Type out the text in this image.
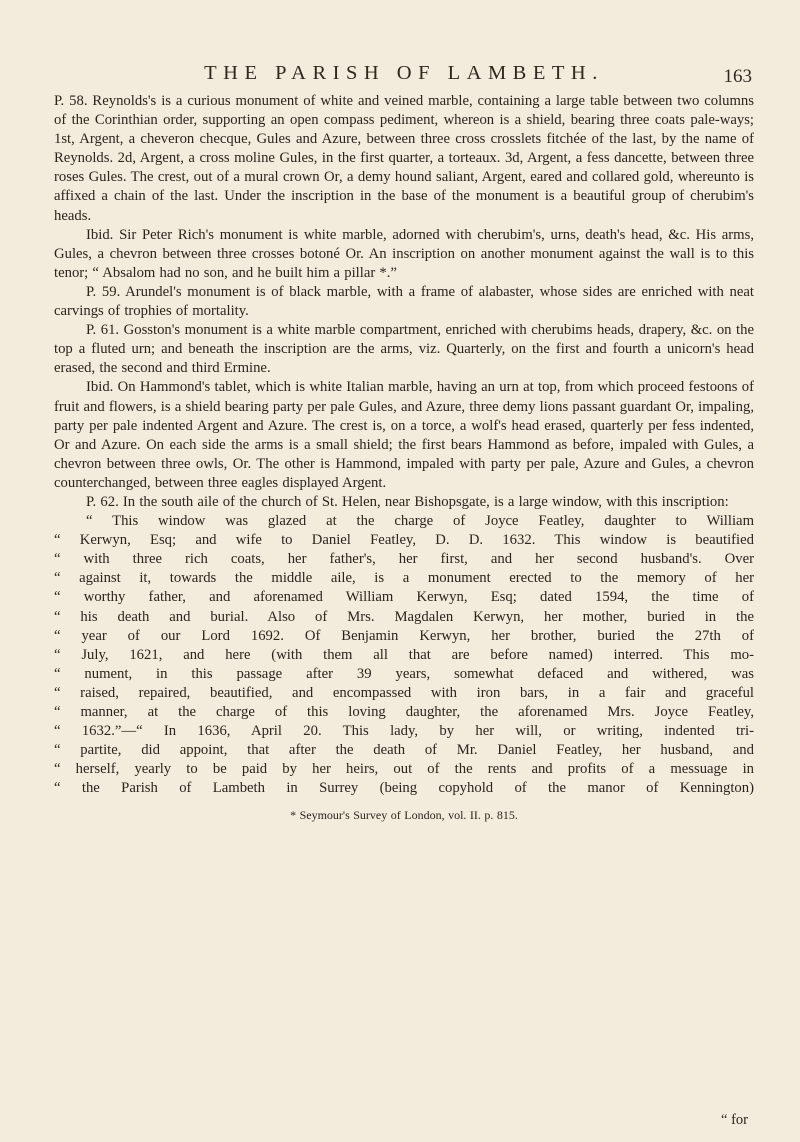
THE PARISH OF LAMBETH.	163

P. 58. Reynolds's is a curious monument of white and veined marble, containing a large table between two columns of the Corinthian order, supporting an open compass pediment, whereon is a shield, bearing three coats pale-ways; 1st, Argent, a cheveron checque, Gules and Azure, between three cross crosslets fitchée of the last, by the name of Reynolds. 2d, Argent, a cross moline Gules, in the first quarter, a torteaux. 3d, Argent, a fess dancette, between three roses Gules. The crest, out of a mural crown Or, a demy hound saliant, Argent, eared and collared gold, whereunto is affixed a chain of the last. Under the inscription in the base of the monument is a beautiful group of cherubim's heads.

Ibid. Sir Peter Rich's monument is white marble, adorned with cherubim's, urns, death's head, &c. His arms, Gules, a chevron between three crosses botoné Or. An inscription on another monument against the wall is to this tenor; “ Absalom had no son, and he built him a pillar *.”

P. 59. Arundel's monument is of black marble, with a frame of alabaster, whose sides are enriched with neat carvings of trophies of mortality.

P. 61. Gosston's monument is a white marble compartment, enriched with cherubims heads, drapery, &c. on the top a fluted urn; and beneath the inscription are the arms, viz. Quarterly, on the first and fourth a unicorn's head erased, the second and third Ermine.

Ibid. On Hammond's tablet, which is white Italian marble, having an urn at top, from which proceed festoons of fruit and flowers, is a shield bearing party per pale Gules, and Azure, three demy lions passant guardant Or, impaling, party per pale indented Argent and Azure. The crest is, on a torce, a wolf's head erased, quarterly per fess indented, Or and Azure. On each side the arms is a small shield; the first bears Hammond as before, impaled with Gules, a chevron between three owls, Or. The other is Hammond, impaled with party per pale, Azure and Gules, a chevron counterchanged, between three eagles displayed Argent.

P. 62. In the south aile of the church of St. Helen, near Bishopsgate, is a large window, with this inscription:

“ This window was glazed at the charge of Joyce Featley, daughter to William
“ Kerwyn, Esq; and wife to Daniel Featley, D. D. 1632. This window is beautified
“ with three rich coats, her father's, her first, and her second husband's. Over
“ against it, towards the middle aile, is a monument erected to the memory of her
“ worthy father, and aforenamed William Kerwyn, Esq; dated 1594, the time of
“ his death and burial. Also of Mrs. Magdalen Kerwyn, her mother, buried in the
“ year of our Lord 1692. Of Benjamin Kerwyn, her brother, buried the 27th of
“ July, 1621, and here (with them all that are before named) interred. This mo-
“ nument, in this passage after 39 years, somewhat defaced and withered, was
“ raised, repaired, beautified, and encompassed with iron bars, in a fair and graceful
“ manner, at the charge of this loving daughter, the aforenamed Mrs. Joyce Featley,
“ 1632.”—“ In 1636, April 20. This lady, by her will, or writing, indented tri-
“ partite, did appoint, that after the death of Mr. Daniel Featley, her husband, and
“ herself, yearly to be paid by her heirs, out of the rents and profits of a messuage in
“ the Parish of Lambeth in Surrey (being copyhold of the manor of Kennington)
* Seymour's Survey of London, vol. II. p. 815.
“ for
